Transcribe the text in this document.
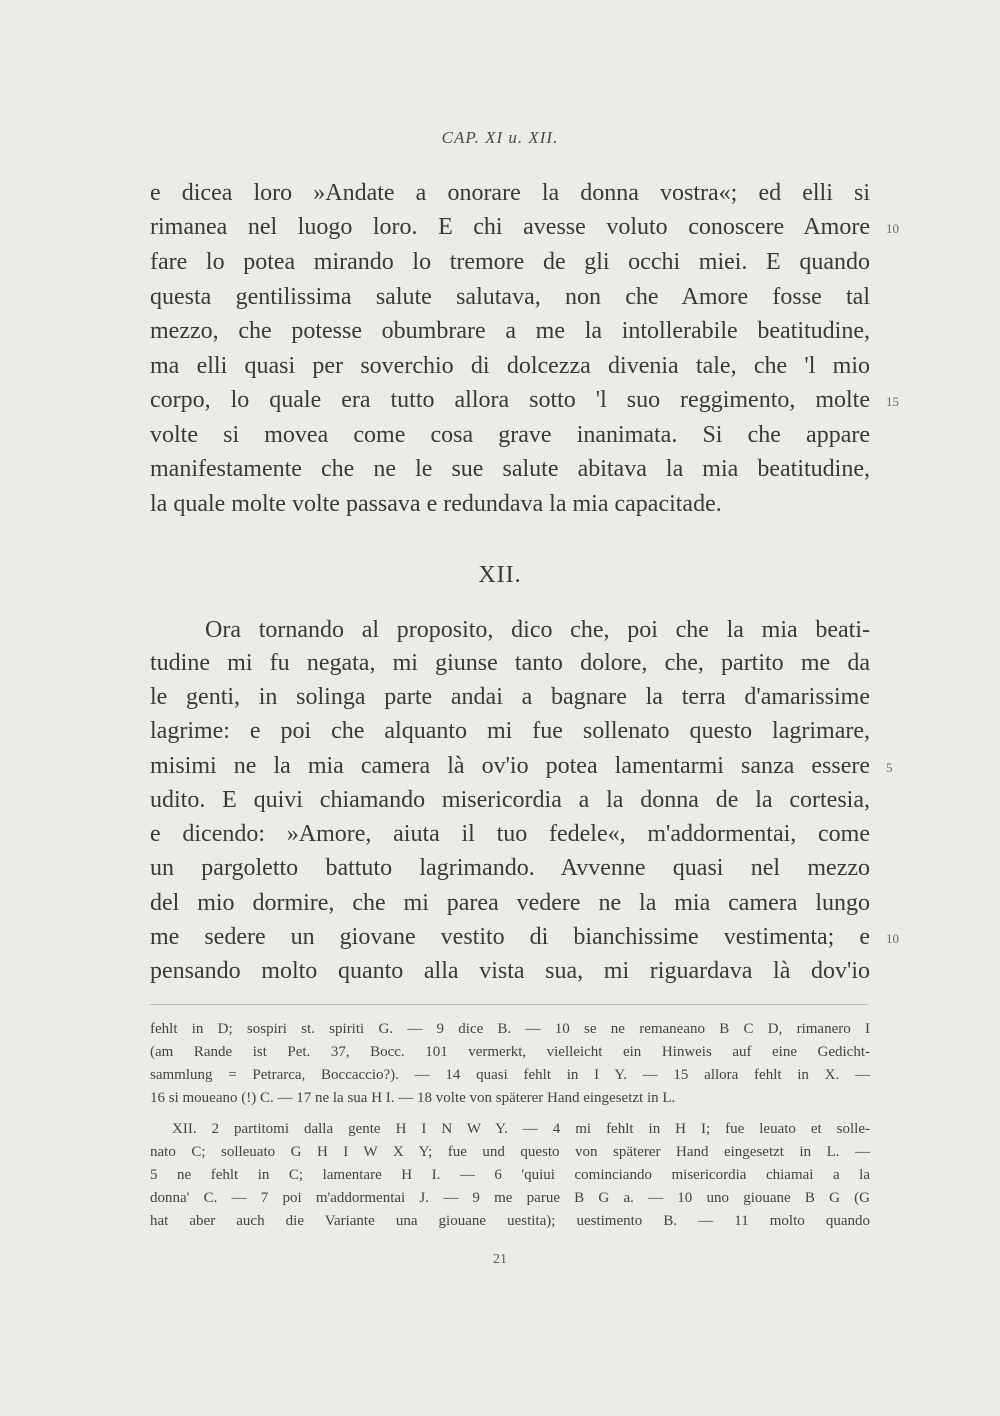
CAP. XI u. XII.
e dicea loro »Andate a onorare la donna vostra«; ed elli si
rimanea nel luogo loro. E chi avesse voluto conoscere Amore 10
fare lo potea mirando lo tremore de gli occhi miei. E quando
questa gentilissima salute salutava, non che Amore fosse tal
mezzo, che potesse obumbrare a me la intollerabile beatitudine,
ma elli quasi per soverchio di dolcezza divenia tale, che 'l mio
corpo, lo quale era tutto allora sotto 'l suo reggimento, molte 15
volte si movea come cosa grave inanimata. Si che appare
manifestamente che ne le sue salute abitava la mia beatitudine,
la quale molte volte passava e redundava la mia capacitade.
XII.
Ora tornando al proposito, dico che, poi che la mia beati-
tudine mi fu negata, mi giunse tanto dolore, che, partito me da
le genti, in solinga parte andai a bagnare la terra d'amarissime
lagrime: e poi che alquanto mi fue sollenato questo lagrimare,
misimi ne la mia camera là ov'io potea lamentarmi sanza essere 5
udito. E quivi chiamando misericordia a la donna de la cortesia,
e dicendo: »Amore, aiuta il tuo fedele«, m'addormentai, come
un pargoletto battuto lagrimando. Avvenne quasi nel mezzo
del mio dormire, che mi parea vedere ne la mia camera lungo
me sedere un giovane vestito di bianchissime vestimenta; e 10
pensando molto quanto alla vista sua, mi riguardava là dov'io
fehlt in D; sospiri st. spiriti G. — 9 dice B. — 10 se ne remaneano B C D, rimanero I
(am Rande ist Pet. 37, Bocc. 101 vermerkt, vielleicht ein Hinweis auf eine Gedicht-
sammlung = Petrarca, Boccaccio?). — 14 quasi fehlt in I Y. — 15 allora fehlt in X. —
16 si moueano (!) C. — 17 ne la sua H I. — 18 volte von späterer Hand eingesetzt in L.
XII. 2 partitomi dalla gente H I N W Y. — 4 mi fehlt in H I; fue leuato et solle-
nato C; solleuato G H I W X Y; fue und questo von späterer Hand eingesetzt in L. —
5 ne fehlt in C; lamentare H I. — 6 'quiui cominciando misericordia chiamai a la
donna' C. — 7 poi m'addormentai J. — 9 me parue B G a. — 10 uno giouane B G (G
hat aber auch die Variante una giouane uestita); uestimento B. — 11 molto quando
21
